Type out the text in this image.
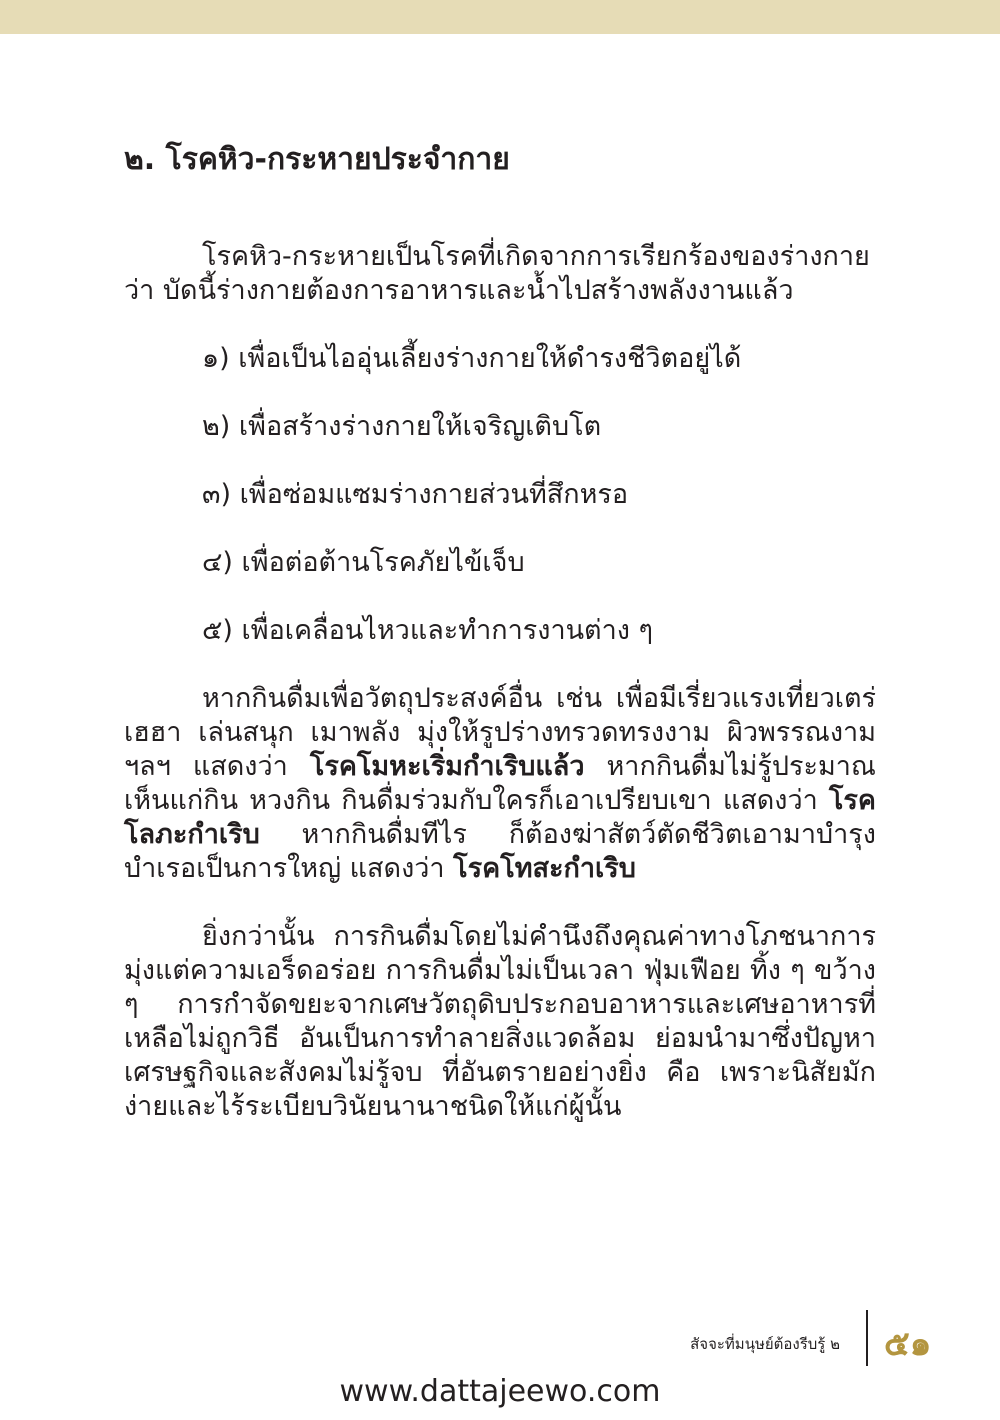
๒. โรคหิว-กระหายประจำกาย

โรคหิว-กระหายเป็นโรคที่เกิดจากการเรียกร้องของร่างกายว่า บัดนี้ร่างกายต้องการอาหารและน้ำไปสร้างพลังงานแล้ว

๑) เพื่อเป็นไออุ่นเลี้ยงร่างกายให้ดำรงชีวิตอยู่ได้
๒) เพื่อสร้างร่างกายให้เจริญเติบโต
๓) เพื่อซ่อมแซมร่างกายส่วนที่สึกหรอ
๔) เพื่อต่อต้านโรคภัยไข้เจ็บ
๕) เพื่อเคลื่อนไหวและทำการงานต่าง ๆ

หากกินดื่มเพื่อวัตถุประสงค์อื่น เช่น เพื่อมีเรี่ยวแรงเที่ยวเตร่ เฮฮา เล่นสนุก เมาพลัง มุ่งให้รูปร่างทรวดทรงงาม ผิวพรรณงาม ฯลฯ แสดงว่า โรคโมหะเริ่มกำเริบแล้ว หากกินดื่มไม่รู้ประมาณ เห็นแก่กิน หวงกิน กินดื่มร่วมกับใครก็เอาเปรียบเขา แสดงว่า โรคโลภะกำเริบ หากกินดื่มทีไร ก็ต้องฆ่าสัตว์ตัดชีวิตเอามาบำรุงบำเรอเป็นการใหญ่ แสดงว่า โรคโทสะกำเริบ

ยิ่งกว่านั้น การกินดื่มโดยไม่คำนึงถึงคุณค่าทางโภชนาการ มุ่งแต่ความเอร็ดอร่อย การกินดื่มไม่เป็นเวลา ฟุ่มเฟือย ทิ้ง ๆ ขว้าง ๆ การกำจัดขยะจากเศษวัตถุดิบประกอบอาหารและเศษอาหารที่เหลือไม่ถูกวิธี อันเป็นการทำลายสิ่งแวดล้อม ย่อมนำมาซึ่งปัญหาเศรษฐกิจและสังคมไม่รู้จบ ที่อันตรายอย่างยิ่ง คือ เพราะนิสัยมักง่ายและไร้ระเบียบวินัยนานาชนิดให้แก่ผู้นั้น

สัจจะที่มนุษย์ต้องรีบรู้ ๒ ๕๑
www.dattajeewo.com
